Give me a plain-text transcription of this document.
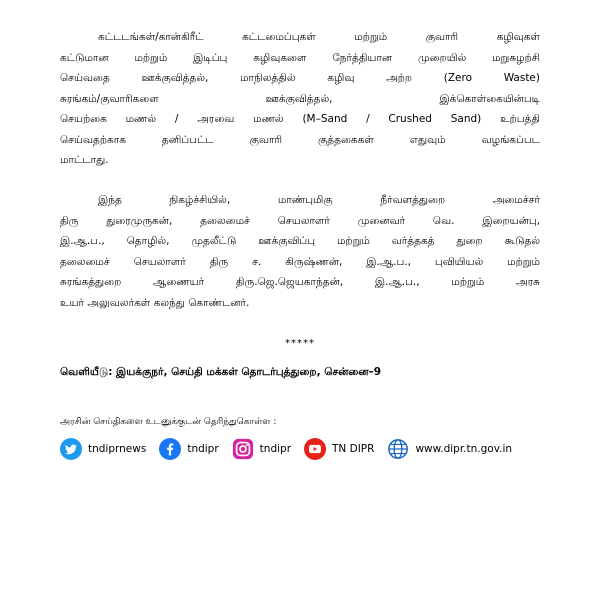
கட்டடங்கள்/கான்கிரீட் கட்டமைப்புகள் மற்றும் குவாரி கழிவுகள்
கட்டுமான மற்றும் இடிப்பு கழிவுகளை நேர்த்தியான முறையில் மறுசுழற்சி
செய்வதை ஊக்குவித்தல், மாநிலத்தில் கழிவு அற்ற (Zero Waste)
சுரங்கம்/குவாரிகளை ஊக்குவித்தல், இக்கொள்கையின்படி
செயற்கை மணல் / அரவை மணல் (M–Sand / Crushed Sand) உற்பத்தி
செய்வதற்காக தனிப்பட்ட குவாரி குத்தகைகள் எதுவும் வழங்கப்பட
மாட்டாது.
இந்த நிகழ்ச்சியில், மாண்புமிகு நீர்வளத்துறை அமைச்சர்
திரு துரைமுருகன், தலைமைச் செயலாளர் முனைவர் வெ. இறையன்பு,
இ.ஆ.ப., தொழில், முதலீட்டு ஊக்குவிப்பு மற்றும் வர்த்தகத் துறை கூடுதல்
தலைமைச் செயலாளர் திரு ச. கிருஷ்ணன், இ.ஆ.ப., புவியியல் மற்றும்
சுரங்கத்துறை ஆணையர் திரு.ஜெ.ஜெயகாந்தன், இ.ஆ.ப., மற்றும் அரசு
உயர் அலுவலர்கள் கலந்து கொண்டனர்.
*****
வெளியீடு: இயக்குநர், செய்தி மக்கள் தொடர்புத்துறை, சென்னை–9
அரசின் செய்திகளை உடனுக்குடன் தெரிந்துகொள்ள :
tndiprnews	tndipr	tndipr	TN DIPR	www.dipr.tn.gov.in
